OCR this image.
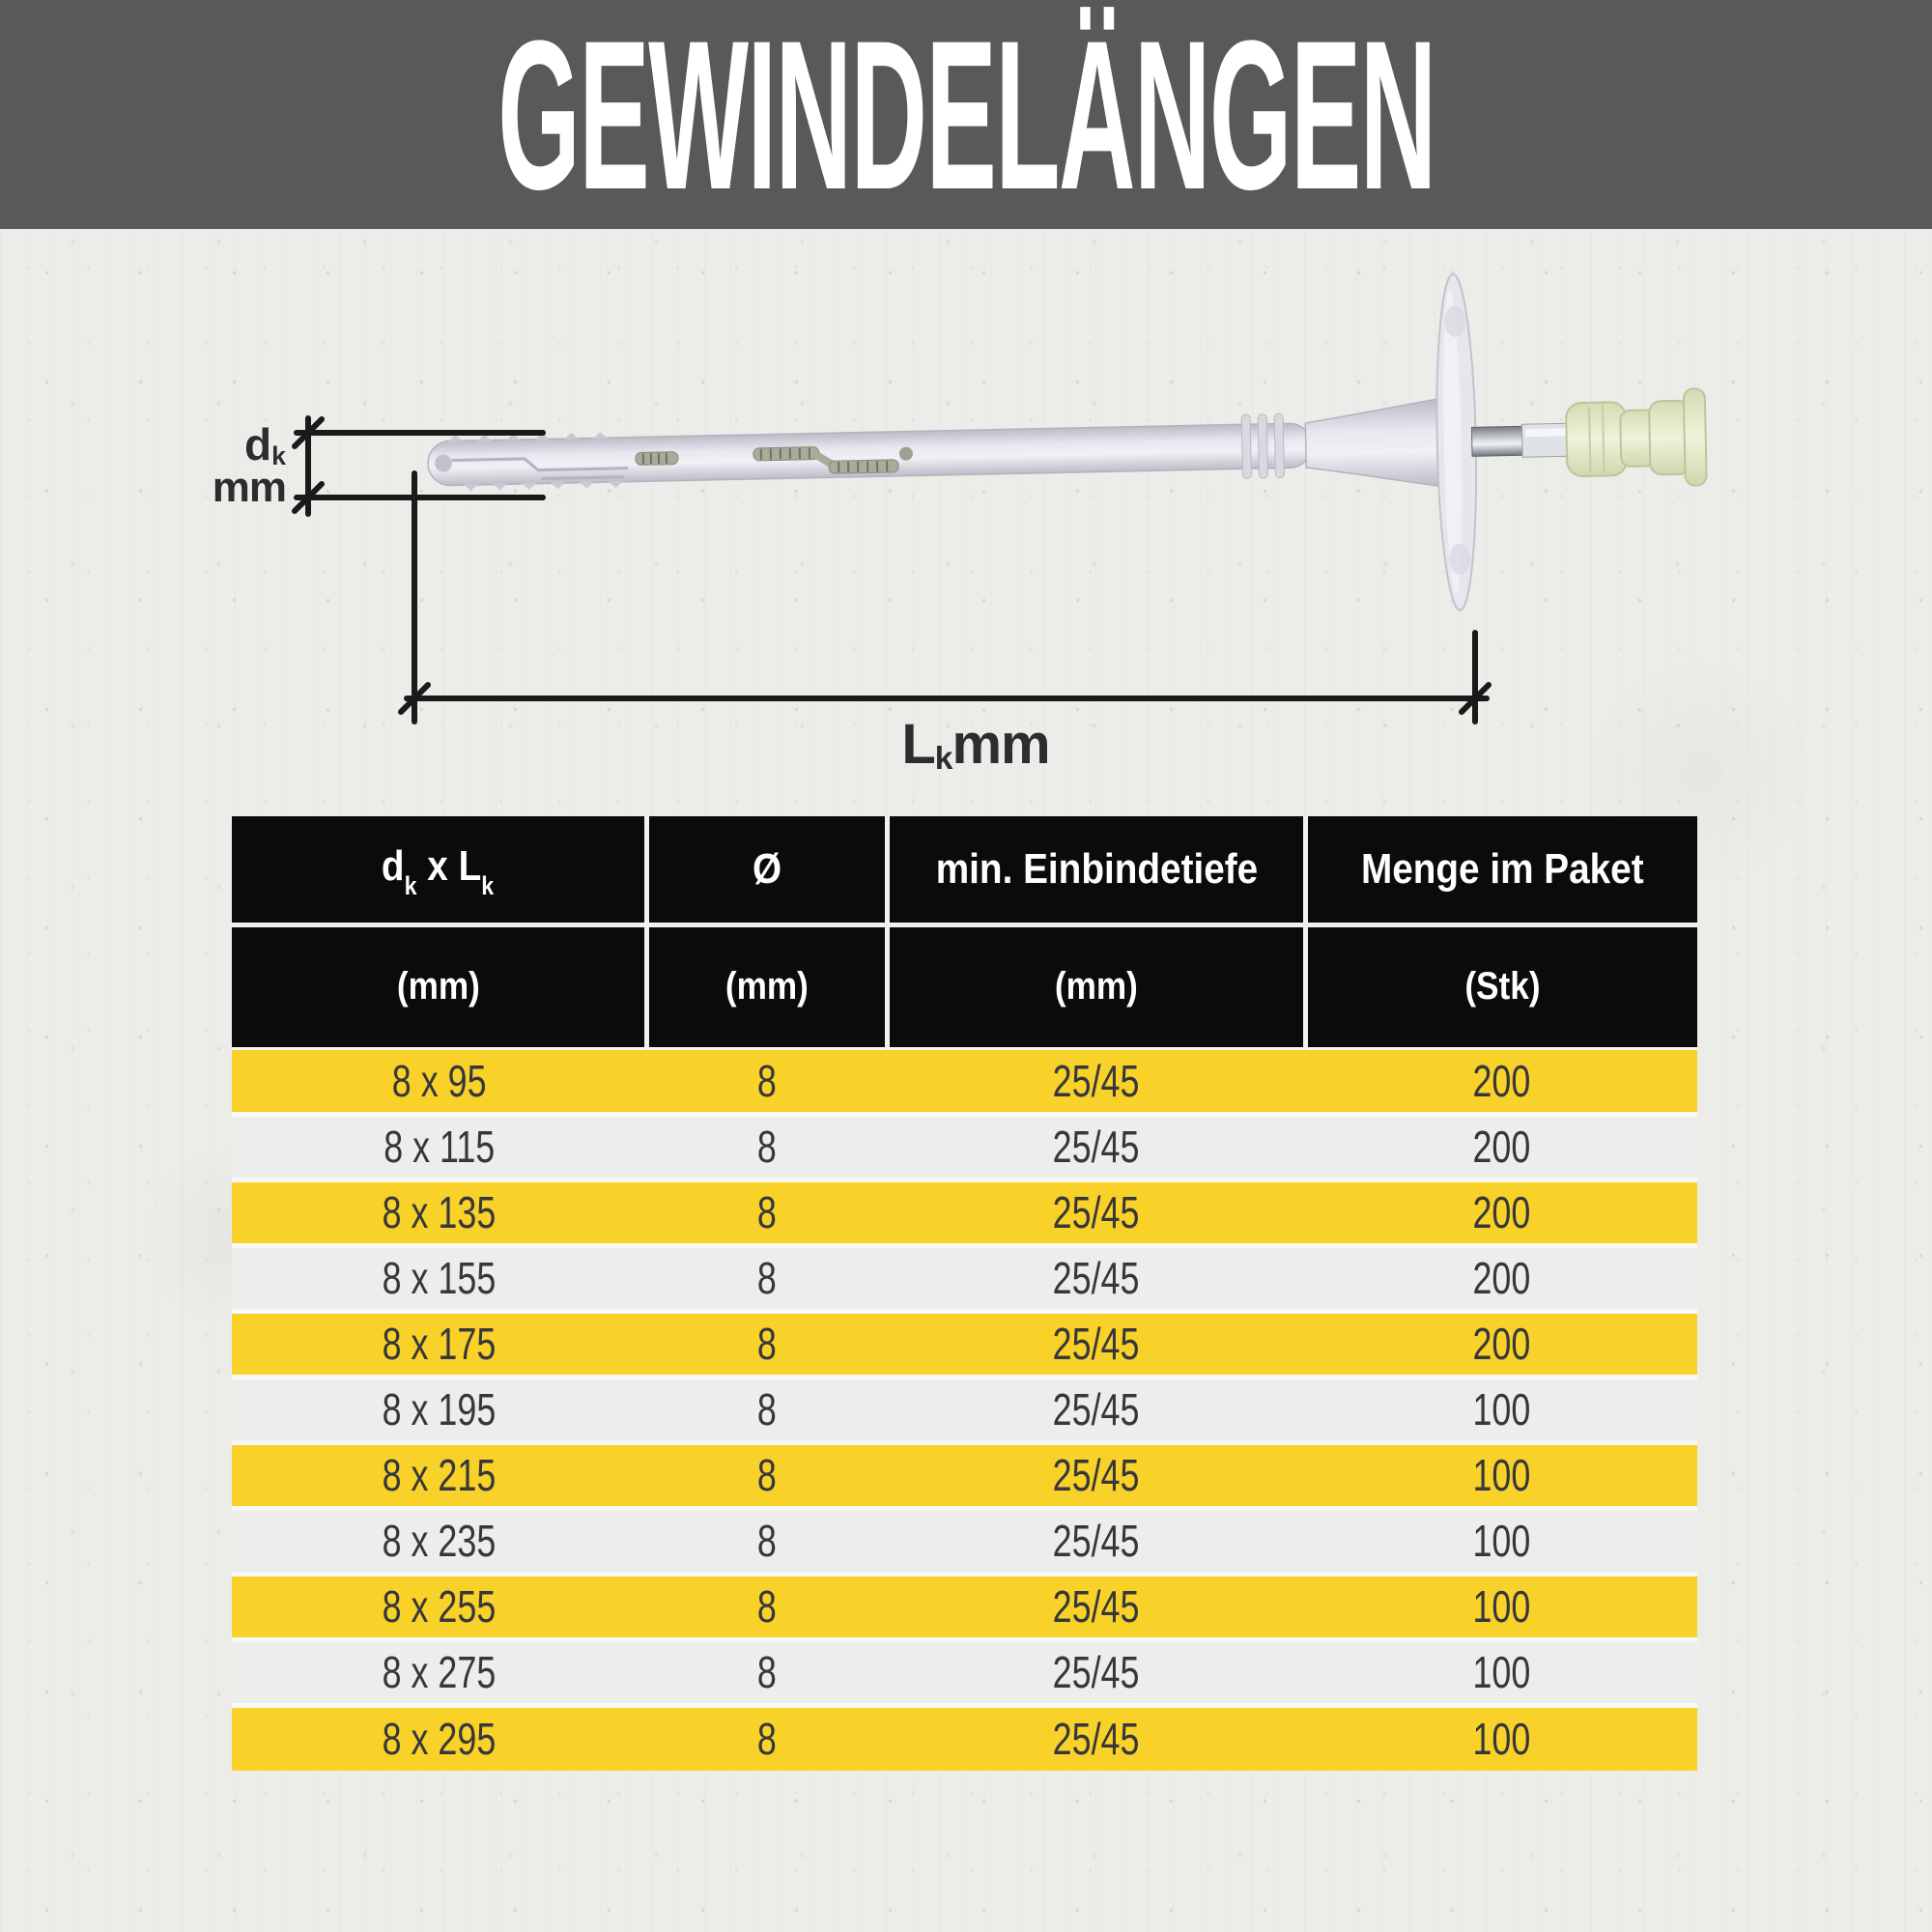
GEWINDELÄNGEN
$d_k$
mm
$L_kmm$
$d_k$ x $L_k$	Ø	min. Einbindetiefe	Menge im Paket
(mm)	(mm)	(mm)	(Stk)
8 x 95	8	25/45	200
8 x 115	8	25/45	200
8 x 135	8	25/45	200
8 x 155	8	25/45	200
8 x 175	8	25/45	200
8 x 195	8	25/45	100
8 x 215	8	25/45	100
8 x 235	8	25/45	100
8 x 255	8	25/45	100
8 x 275	8	25/45	100
8 x 295	8	25/45	100
